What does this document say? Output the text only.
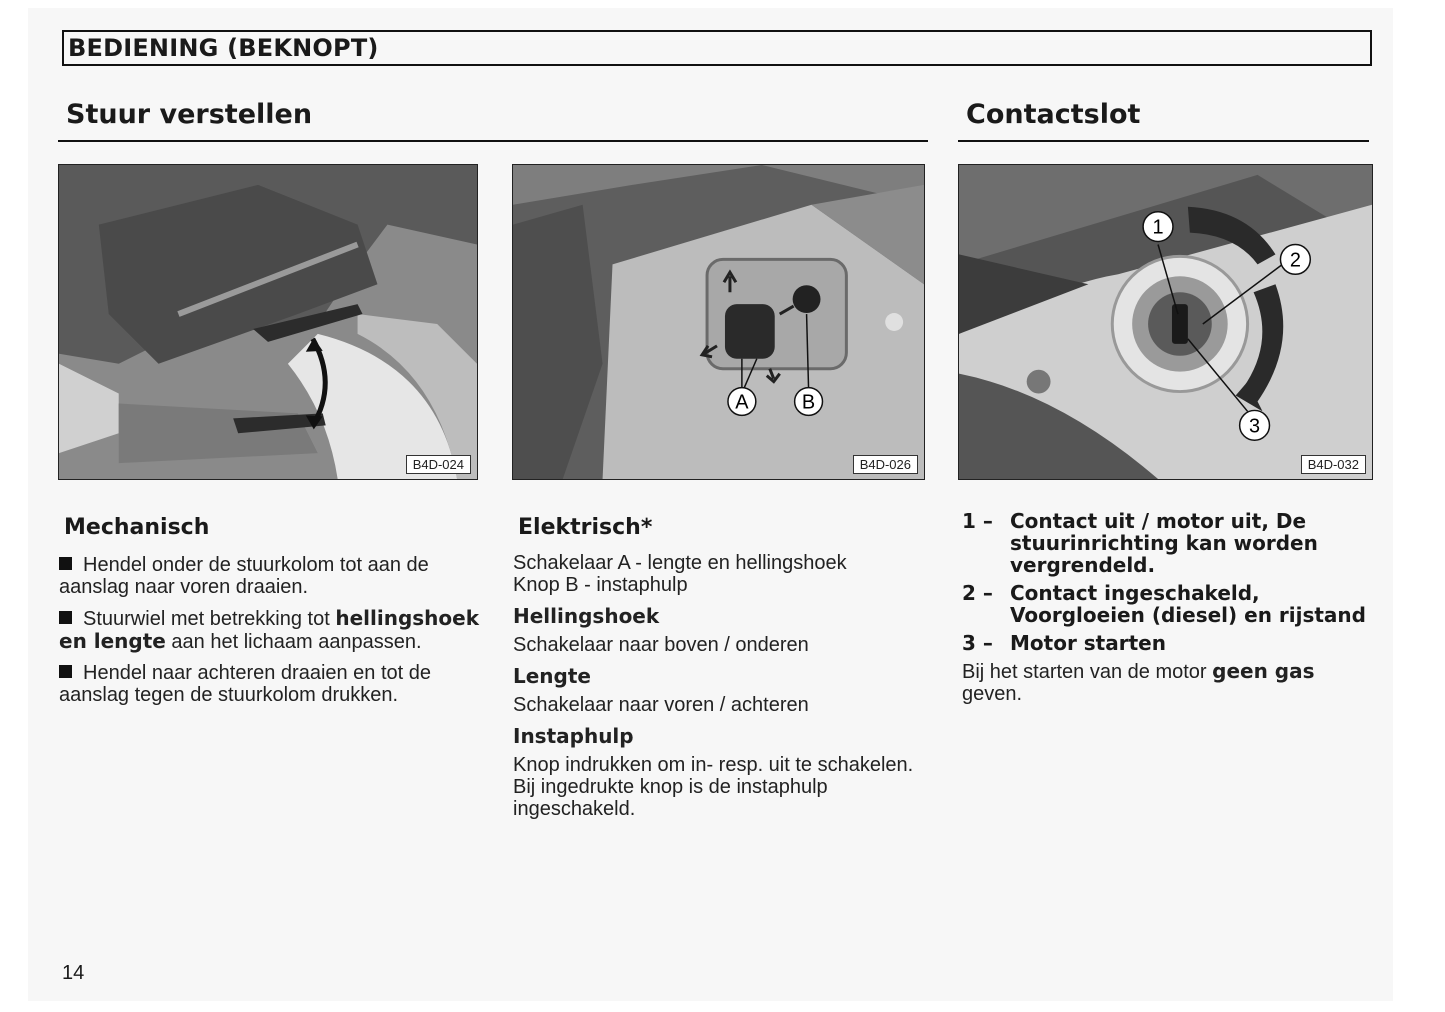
BEDIENING (BEKNOPT)
Stuur verstellen	Contactslot
B4D-024
A	B
B4D-026
1
2
3
B4D-032
Mechanisch
Hendel onder de stuurkolom tot aan de aanslag naar voren draaien.
Stuurwiel met betrekking tot hellingshoek en lengte aan het lichaam aanpassen.
Hendel naar achteren draaien en tot de aanslag tegen de stuurkolom drukken.
Elektrisch*
Schakelaar A - lengte en hellingshoek
Knop B - instaphulp
Hellingshoek
Schakelaar naar boven / onderen
Lengte
Schakelaar naar voren / achteren
Instaphulp
Knop indrukken om in- resp. uit te schakelen. Bij ingedrukte knop is de instaphulp ingeschakeld.
1 – Contact uit / motor uit, De stuurinrichting kan worden vergrendeld.
2 – Contact ingeschakeld, Voorgloeien (diesel) en rijstand
3 – Motor starten
Bij het starten van de motor geen gas geven.
14
